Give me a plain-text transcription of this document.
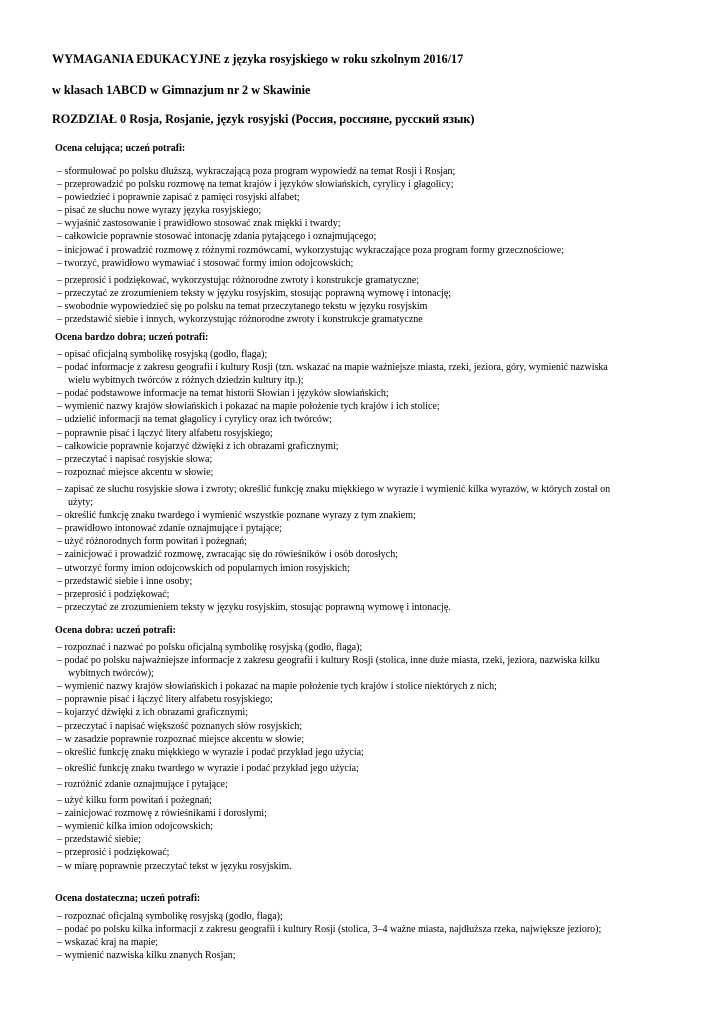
WYMAGANIA EDUKACYJNE z języka rosyjskiego w roku szkolnym 2016/17
w klasach 1ABCD w Gimnazjum nr 2 w Skawinie
ROZDZIAŁ 0 Rosja, Rosjanie, język rosyjski (Россия, россияне, русский язык)
Ocena celująca; uczeń potrafi:
– sformułować po polsku dłuższą, wykraczającą poza program wypowiedź na temat Rosji i Rosjan;
– przeprowadzić po polsku rozmowę na temat krajów i języków słowiańskich, cyrylicy i głagolicy;
– powiedzieć i poprawnie zapisać z pamięci rosyjski alfabet;
– pisać ze słuchu nowe wyrazy języka rosyjskiego;
– wyjaśnić zastosowanie i prawidłowo stosować znak miękki i twardy;
– całkowicie poprawnie stosować intonację zdania pytającego i oznajmującego;
– inicjować i prowadzić rozmowę z różnymi rozmówcami, wykorzystując wykraczające poza program formy grzecznościowe;
– tworzyć, prawidłowo wymawiać i stosować formy imion odojcowskich;
– przeprosić i podziękować, wykorzystując różnorodne zwroty i konstrukcje gramatyczne;
– przeczytać ze zrozumieniem teksty w języku rosyjskim, stosując poprawną wymowę i intonację;
– swobodnie wypowiedzieć się po polsku na temat przeczytanego tekstu w języku rosyjskim
– przedstawić siebie i innych, wykorzystując różnorodne zwroty i konstrukcje gramatyczne
Ocena bardzo dobra; uczeń potrafi:
– opisać oficjalną symbolikę rosyjską (godło, flaga);
– podać informacje z zakresu geografii i kultury Rosji (tzn. wskazać na mapie ważniejsze miasta, rzeki, jeziora, góry, wymienić nazwiska
wielu wybitnych twórców z różnych dziedzin kultury itp.);
– podać podstawowe informacje na temat historii Słowian i języków słowiańskich;
– wymienić nazwy krajów słowiańskich i pokazać na mapie położenie tych krajów i ich stolice;
– udzielić informacji na temat głagolicy i cyrylicy oraz ich twórców;
– poprawnie pisać i łączyć litery alfabetu rosyjskiego;
– całkowicie poprawnie kojarzyć dźwięki z ich obrazami graficznymi;
– przeczytać i napisać rosyjskie słowa;
– rozpoznać miejsce akcentu w słowie;
– zapisać ze słuchu rosyjskie słowa i zwroty; określić funkcję znaku miękkiego w wyrazie i wymienić kilka wyrazów, w których został on
użyty;
– określić funkcję znaku twardego i wymienić wszystkie poznane wyrazy z tym znakiem;
– prawidłowo intonować zdanie oznajmujące i pytające;
– użyć różnorodnych form powitań i pożegnań;
– zainicjować i prowadzić rozmowę, zwracając się do rówieśników i osób dorosłych;
– utworzyć formy imion odojcowskich od popularnych imion rosyjskich;
– przedstawić siebie i inne osoby;
– przeprosić i podziękować;
– przeczytać ze zrozumieniem teksty w języku rosyjskim, stosując poprawną wymowę i intonację.
Ocena dobra: uczeń potrafi:
– rozpoznać i nazwać po polsku oficjalną symbolikę rosyjską (godło, flaga);
– podać po polsku najważniejsze informacje z zakresu geografii i kultury Rosji (stolica, inne duże miasta, rzeki, jeziora, nazwiska kilku
wybitnych twórców);
– wymienić nazwy krajów słowiańskich i pokazać na mapie położenie tych krajów i stolice niektórych z nich;
– poprawnie pisać i łączyć litery alfabetu rosyjskiego;
– kojarzyć dźwięki z ich obrazami graficznymi;
– przeczytać i napisać większość poznanych słów rosyjskich;
– w zasadzie poprawnie rozpoznać miejsce akcentu w słowie;
– określić funkcję znaku miękkiego w wyrazie i podać przykład jego użycia;
– określić funkcję znaku twardego w wyrazie i podać przykład jego użycia;
– rozróżnić zdanie oznajmujące i pytające;
– użyć kilku form powitań i pożegnań;
– zainicjować rozmowę z rówieśnikami i dorosłymi;
– wymienić kilka imion odojcowskich;
– przedstawić siebie;
– przeprosić i podziękować;
– w miarę poprawnie przeczytać tekst w języku rosyjskim.
Ocena dostateczna; uczeń potrafi:
– rozpoznać oficjalną symbolikę rosyjską (godło, flaga);
– podać po polsku kilka informacji z zakresu geografii i kultury Rosji (stolica, 3–4 ważne miasta, najdłuższa rzeka, największe jezioro);
– wskazać kraj na mapie;
– wymienić nazwiska kilku znanych Rosjan;
